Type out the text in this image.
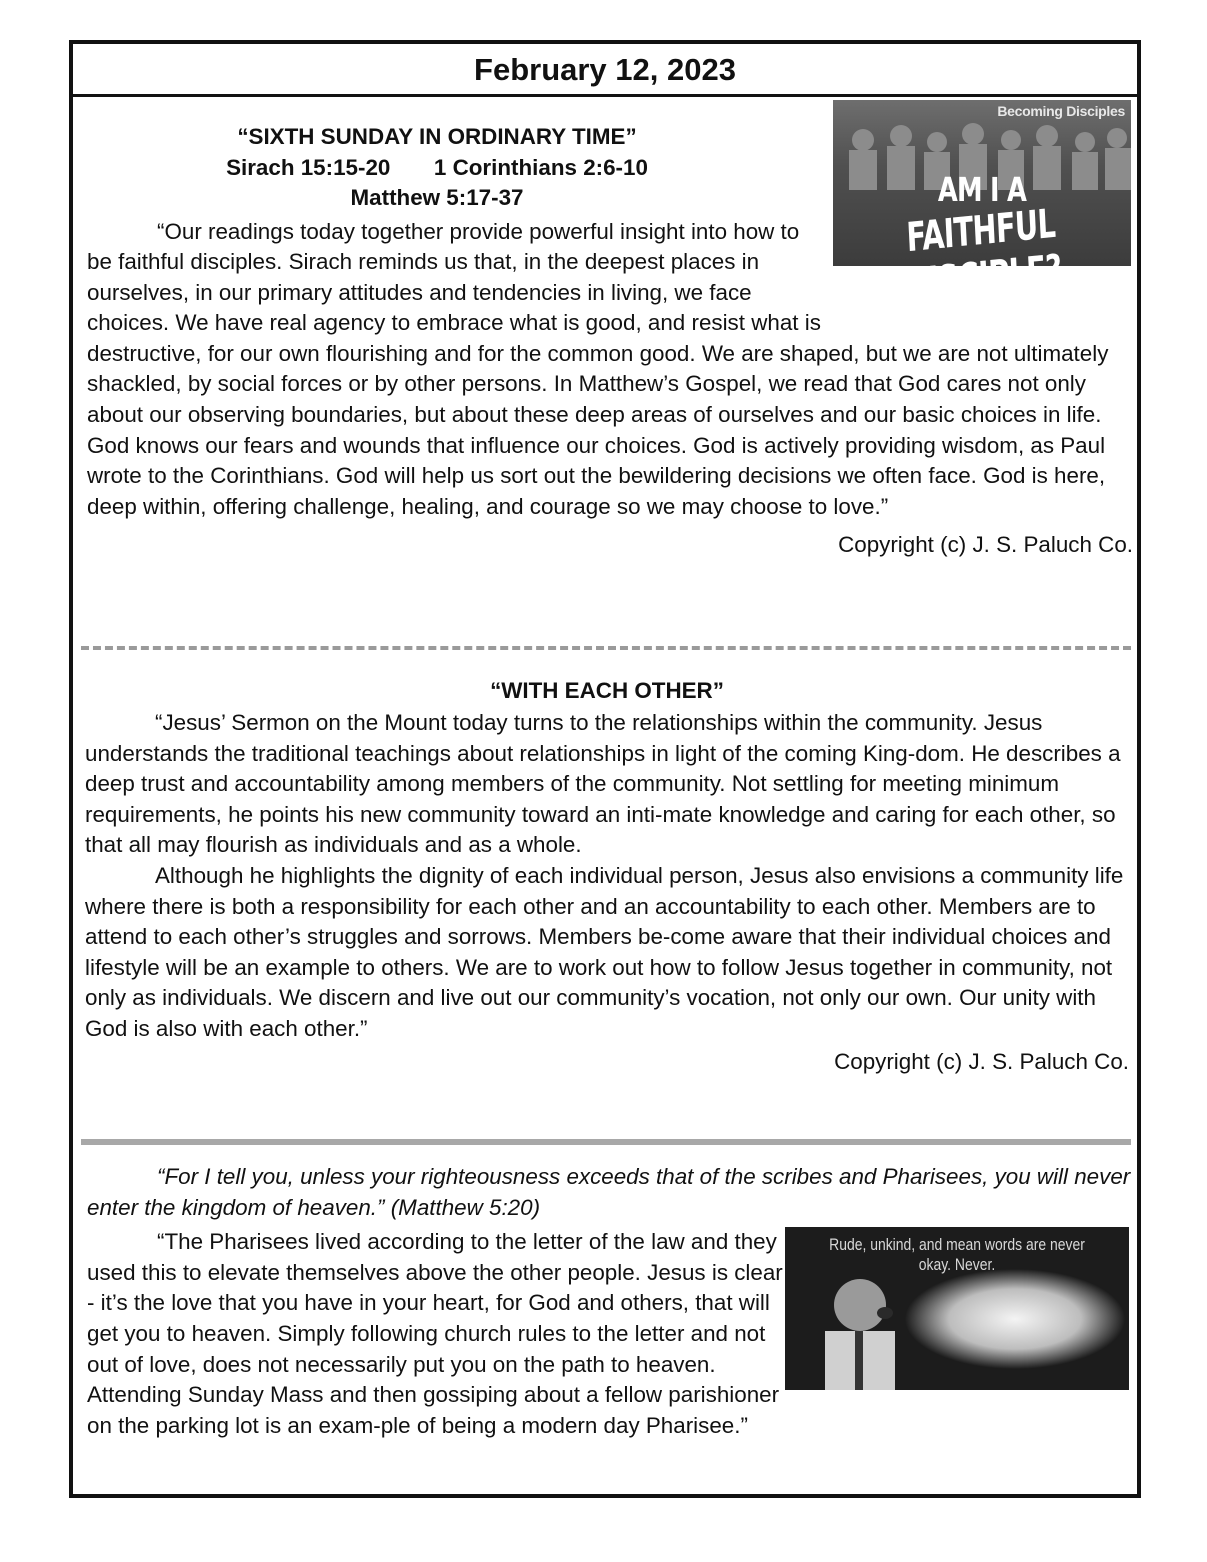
February 12, 2023
Becoming Disciples
AM I A
FAITHFUL DISCIPLE?
“SIXTH SUNDAY IN ORDINARY TIME”
Sirach 15:15-20       1 Corinthians 2:6-10
Matthew 5:17-37

“Our readings today together provide powerful insight into how to be faithful disciples. Sirach reminds us that, in the deepest places in ourselves, in our primary attitudes and tendencies in living, we face choices. We have real agency to embrace what is good, and resist what is destructive, for our own flourishing and for the common good. We are shaped, but we are not ultimately shackled, by social forces or by other persons. In Matthew’s Gospel, we read that God cares not only about our observing boundaries, but about these deep areas of ourselves and our basic choices in life. God knows our fears and wounds that influence our choices. God is actively providing wisdom, as Paul wrote to the Corinthians. God will help us sort out the bewildering decisions we often face. God is here, deep within, offering challenge, healing, and courage so we may choose to love.”

Copyright (c) J. S. Paluch Co.
“WITH EACH OTHER”

“Jesus’ Sermon on the Mount today turns to the relationships within the community. Jesus understands the traditional teachings about relationships in light of the coming King-dom. He describes a deep trust and accountability among members of the community. Not settling for meeting minimum requirements, he points his new community toward an inti-mate knowledge and caring for each other, so that all may flourish as individuals and as a whole.

Although he highlights the dignity of each individual person, Jesus also envisions a community life where there is both a responsibility for each other and an accountability to each other. Members are to attend to each other’s struggles and sorrows. Members be-come aware that their individual choices and lifestyle will be an example to others. We are to work out how to follow Jesus together in community, not only as individuals. We discern and live out our community’s vocation, not only our own. Our unity with God is also with each other.”

Copyright (c) J. S. Paluch Co.

“For I tell you, unless your righteousness exceeds that of the scribes and Pharisees, you will never enter the kingdom of heaven.” (Matthew 5:20)

“The Pharisees lived according to the letter of the law and they used this to elevate themselves above the other people. Jesus is clear - it’s the love that you have in your heart, for God and others, that will get you to heaven. Simply following church rules to the letter and not out of love, does not necessarily put you on the path to heaven. Attending Sunday Mass and then gossiping about a fellow parishioner on the parking lot is an exam-ple of being a modern day Pharisee.”

Rude, unkind, and mean words are never okay. Never.
